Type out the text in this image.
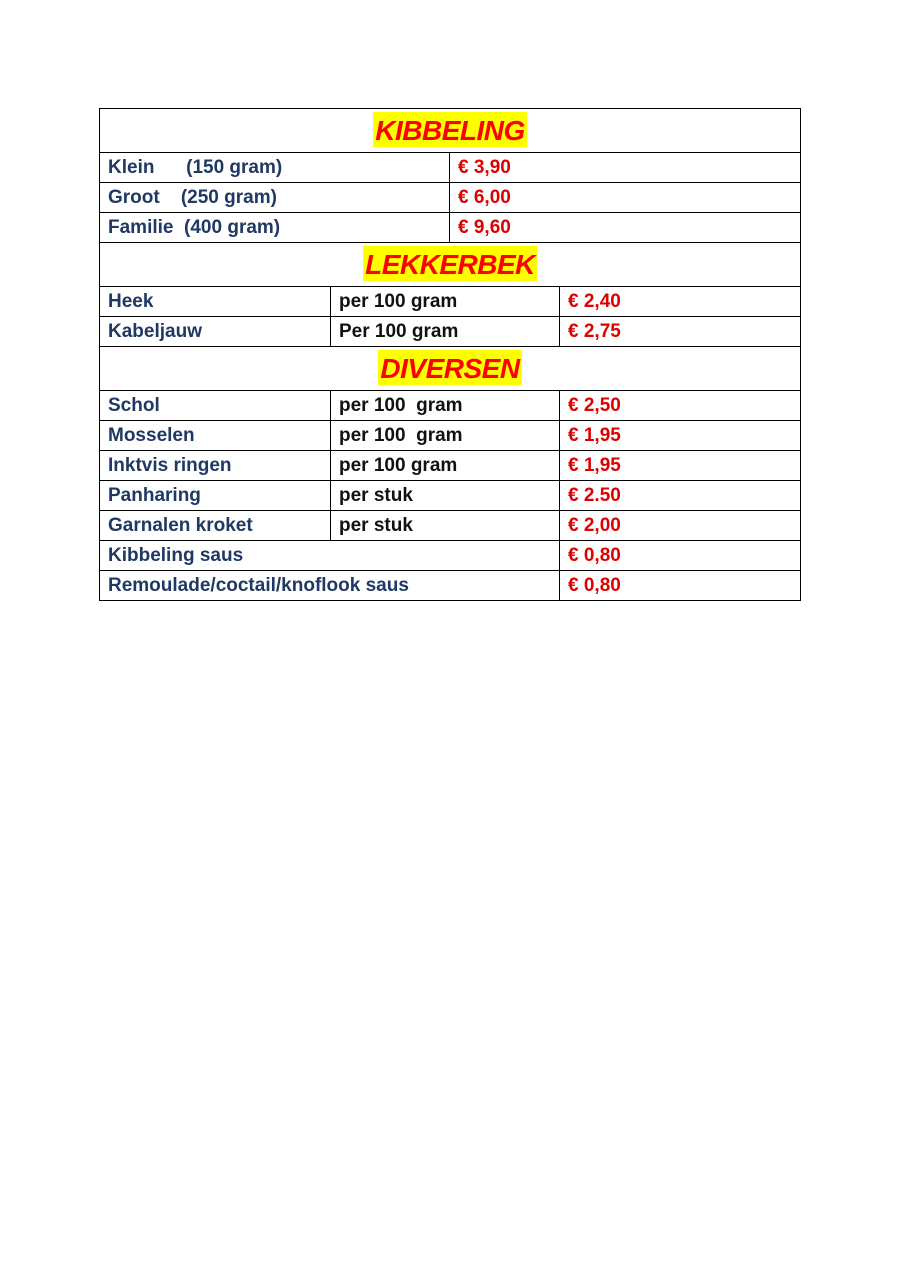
KIBBELING			
Klein      (150 gram)		€ 3,90	
Groot    (250 gram)		€ 6,00	
Familie  (400 gram)		€ 9,60	
LEKKERBEK			
Heek	per 100 gram		€ 2,40
Kabeljauw	Per 100 gram		€ 2,75
DIVERSEN			
Schol	per 100  gram		€ 2,50
Mosselen	per 100  gram		€ 1,95
Inktvis ringen	per 100 gram		€ 1,95
Panharing	per stuk		€ 2.50
Garnalen kroket	per stuk		€ 2,00
Kibbeling saus			€ 0,80
Remoulade/coctail/knoflook saus			€ 0,80
